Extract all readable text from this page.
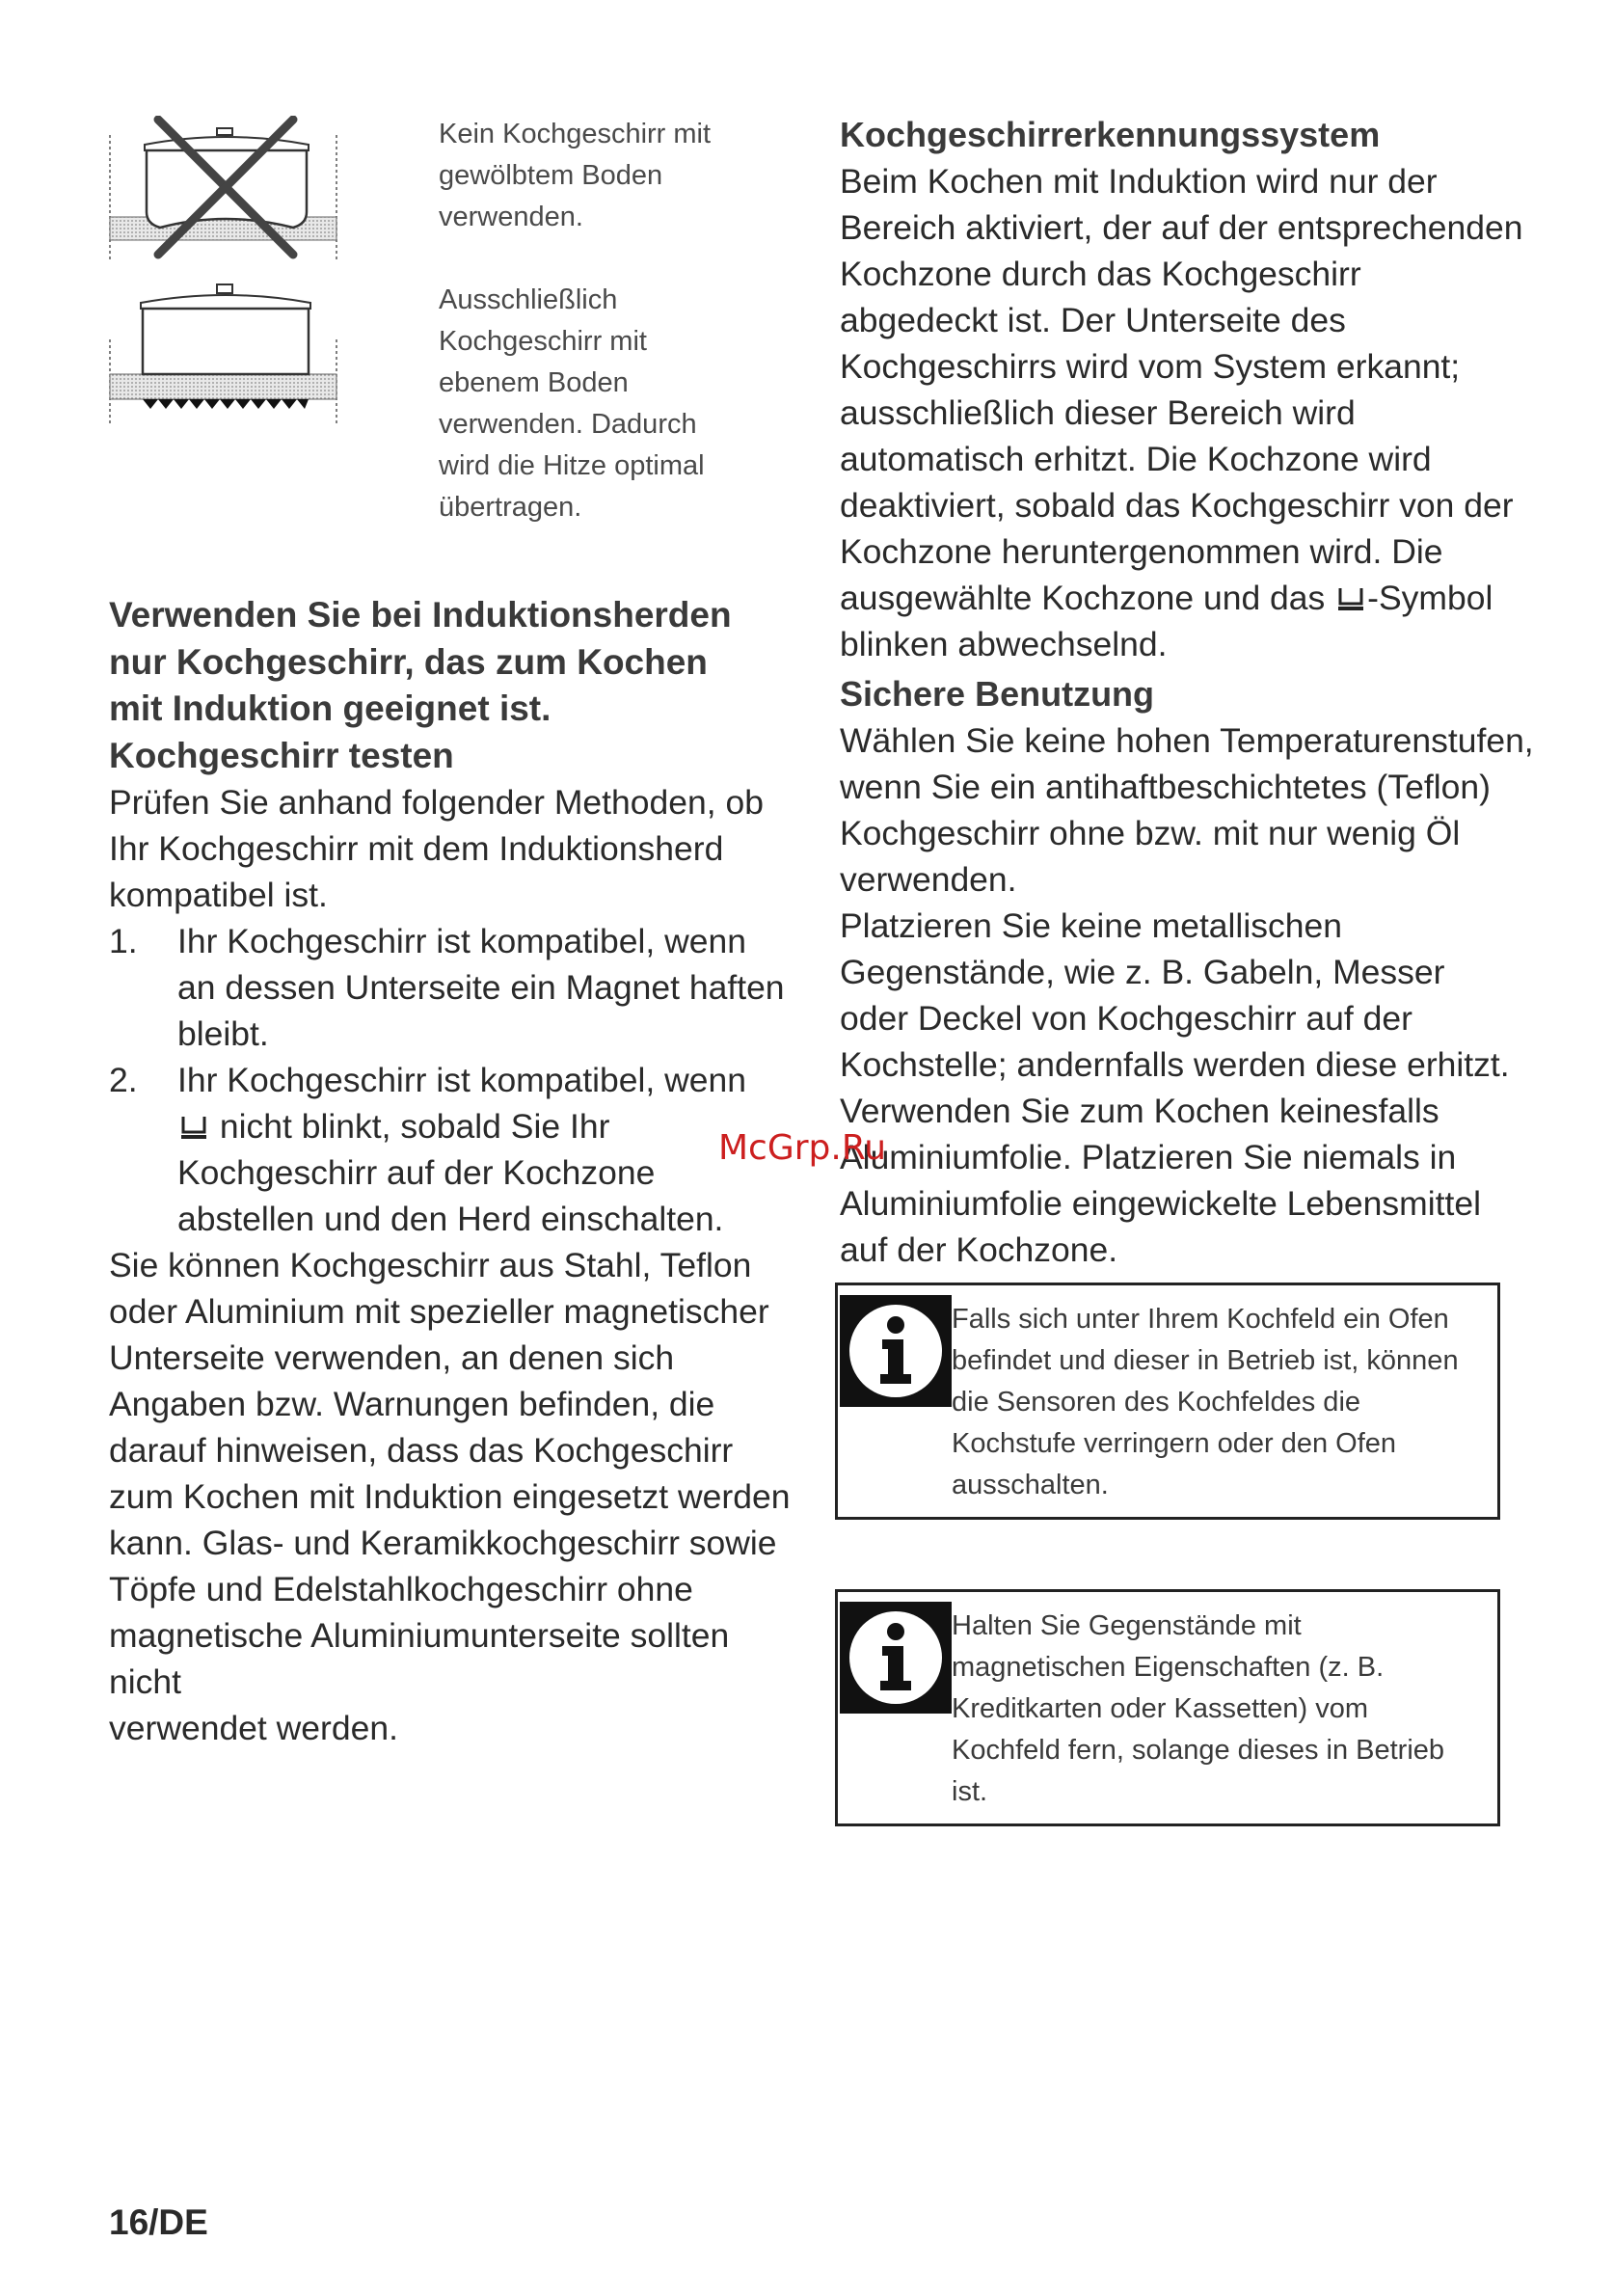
Kein Kochgeschirr mit

gewölbtem Boden

verwenden.

Ausschließlich

Kochgeschirr mit

ebenem Boden

verwenden. Dadurch

wird die Hitze optimal

übertragen.

Verwenden Sie bei Induktionsherden
nur Kochgeschirr, das zum Kochen
mit Induktion geeignet ist.
Kochgeschirr testen

Prüfen Sie anhand folgender Methoden, ob

Ihr Kochgeschirr mit dem Induktionsherd

kompatibel ist.

1. Ihr Kochgeschirr ist kompatibel, wenn

an dessen Unterseite ein Magnet haften

bleibt.

2. Ihr Kochgeschirr ist kompatibel, wenn

nicht blinkt, sobald Sie Ihr

Kochgeschirr auf der Kochzone

abstellen und den Herd einschalten.

Sie können Kochgeschirr aus Stahl, Teflon

oder Aluminium mit spezieller magnetischer

Unterseite verwenden, an denen sich

Angaben bzw. Warnungen befinden, die

darauf hinweisen, dass das Kochgeschirr

zum Kochen mit Induktion eingesetzt werden

kann. Glas- und Keramikkochgeschirr sowie

Töpfe und Edelstahlkochgeschirr ohne

magnetische Aluminiumunterseite sollten nicht

verwendet werden.

Kochgeschirrerkennungssystem

Beim Kochen mit Induktion wird nur der

Bereich aktiviert, der auf der entsprechenden

Kochzone durch das Kochgeschirr

abgedeckt ist. Der Unterseite des

Kochgeschirrs wird vom System erkannt;

ausschließlich dieser Bereich wird

automatisch erhitzt. Die Kochzone wird

deaktiviert, sobald das Kochgeschirr von der

Kochzone heruntergenommen wird. Die

ausgewählte Kochzone und das -Symbol

blinken abwechselnd.

Sichere Benutzung

Wählen Sie keine hohen Temperaturenstufen,

wenn Sie ein antihaftbeschichtetes (Teflon)

Kochgeschirr ohne bzw. mit nur wenig Öl

verwenden.

Platzieren Sie keine metallischen

Gegenstände, wie z. B. Gabeln, Messer

oder Deckel von Kochgeschirr auf der

Kochstelle; andernfalls werden diese erhitzt.

Verwenden Sie zum Kochen keinesfalls

Aluminiumfolie. Platzieren Sie niemals in

Aluminiumfolie eingewickelte Lebensmittel

auf der Kochzone.

Falls sich unter Ihrem Kochfeld ein Ofen

befindet und dieser in Betrieb ist, können

die Sensoren des Kochfeldes die

Kochstufe verringern oder den Ofen

ausschalten.

Halten Sie Gegenstände mit

magnetischen Eigenschaften (z. B.

Kreditkarten oder Kassetten) vom

Kochfeld fern, solange dieses in Betrieb

ist.

McGrp.Ru
16/DE
